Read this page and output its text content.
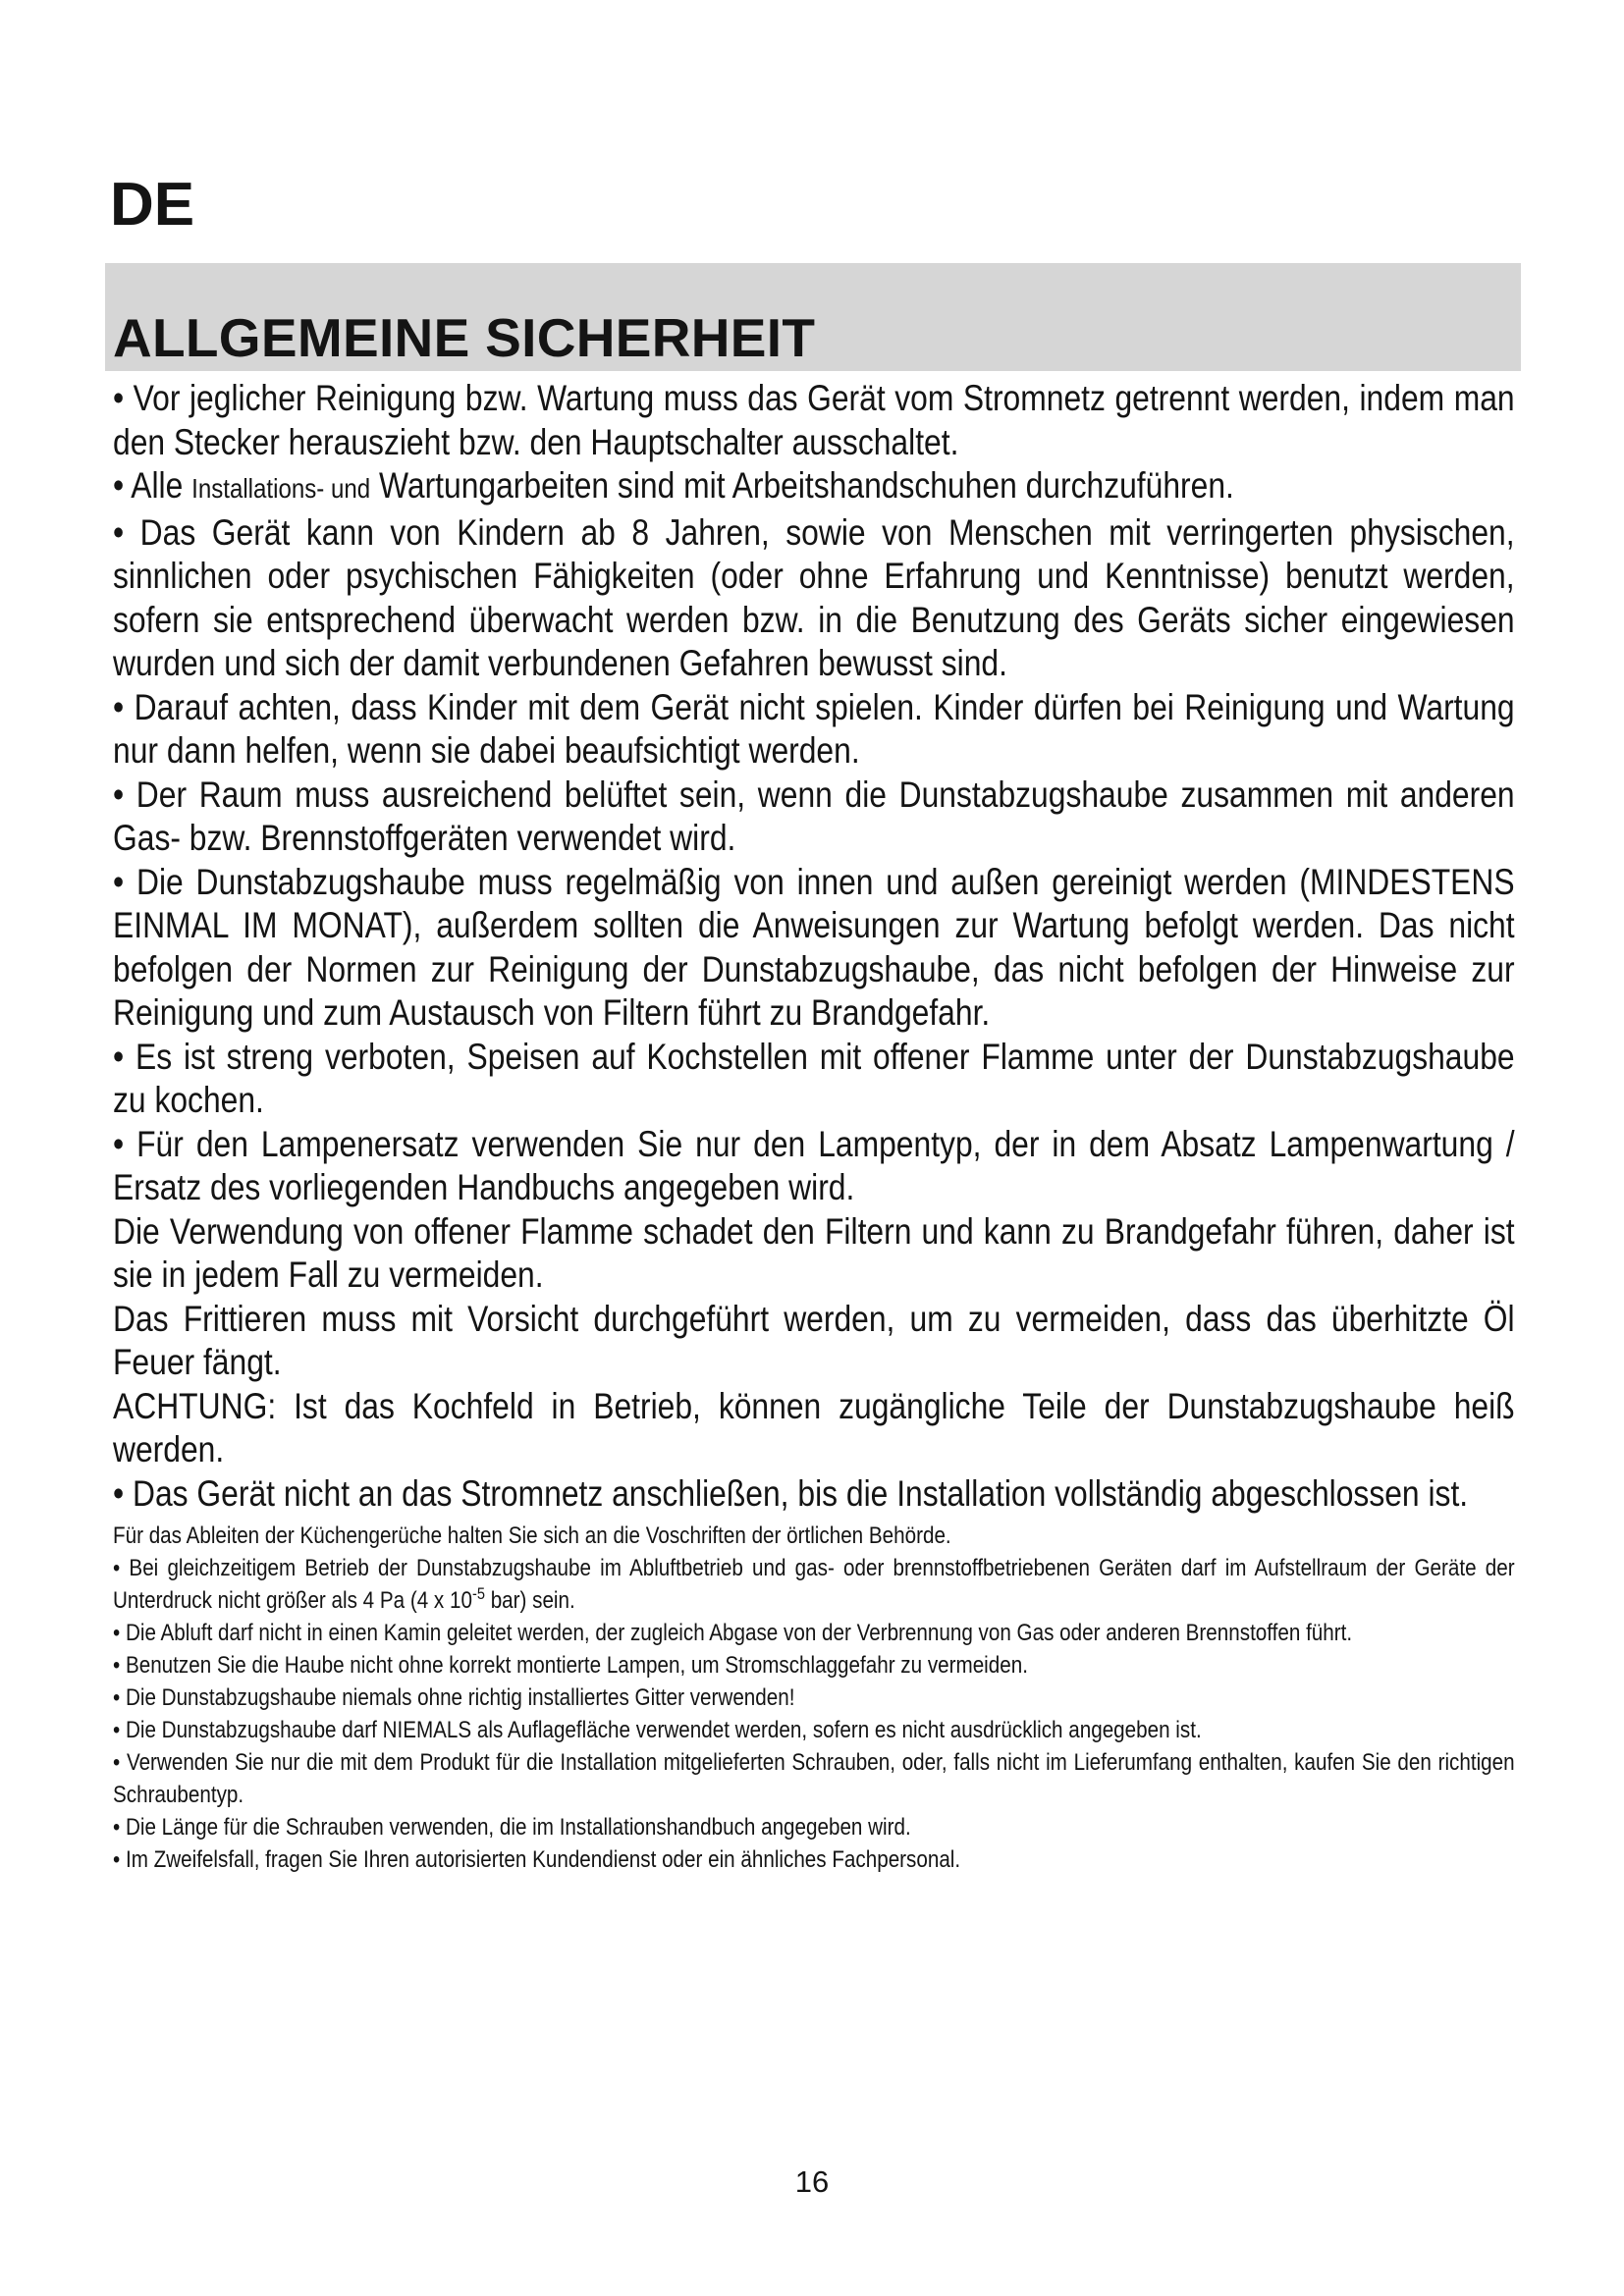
DE
ALLGEMEINE SICHERHEIT

• Vor jeglicher Reinigung bzw. Wartung muss das Gerät vom Stromnetz getrennt werden, indem man den Stecker herauszieht bzw. den Hauptschalter ausschaltet.

• Alle Installations- und Wartungarbeiten sind mit Arbeitshandschuhen durchzuführen.

• Das Gerät kann von Kindern ab 8 Jahren, sowie von Menschen mit verringerten physischen, sinnlichen oder psychischen Fähigkeiten (oder ohne Erfahrung und Kenntnisse) benutzt werden, sofern sie entsprechend überwacht werden bzw. in die Benutzung des Geräts sicher eingewiesen wurden und sich der damit verbundenen Gefahren bewusst sind.

• Darauf achten, dass Kinder mit dem Gerät nicht spielen. Kinder dürfen bei Reinigung und Wartung nur dann helfen, wenn sie dabei beaufsichtigt werden.

• Der Raum muss ausreichend belüftet sein, wenn die Dunstabzugshaube zusammen mit anderen Gas- bzw. Brennstoffgeräten verwendet wird.

• Die Dunstabzugshaube muss regelmäßig von innen und außen gereinigt werden (MINDESTENS EINMAL IM MONAT), außerdem sollten die Anweisungen zur Wartung befolgt werden. Das nicht befolgen der Normen zur Reinigung der Dunstabzugshaube, das nicht befolgen der Hinweise zur Reinigung und zum Austausch von Filtern führt zu Brandgefahr.

• Es ist streng verboten, Speisen auf Kochstellen mit offener Flamme unter der Dunstabzugshaube zu kochen.

• Für den Lampenersatz verwenden Sie nur den Lampentyp, der in dem Absatz Lampenwartung / Ersatz des vorliegenden Handbuchs angegeben wird.

Die Verwendung von offener Flamme schadet den Filtern und kann zu Brandgefahr führen, daher ist sie in jedem Fall zu vermeiden.

Das Frittieren muss mit Vorsicht durchgeführt werden, um zu vermeiden, dass das überhitzte Öl Feuer fängt.

ACHTUNG: Ist das Kochfeld in Betrieb, können zugängliche Teile der Dunstabzugshaube heiß werden.

• Das Gerät nicht an das Stromnetz anschließen, bis die Installation vollständig abgeschlossen ist.

Für das Ableiten der Küchengerüche halten Sie sich an die Voschriften der örtlichen Behörde.

• Bei gleichzeitigem Betrieb der Dunstabzugshaube im Abluftbetrieb und gas- oder brennstoffbetriebenen Geräten darf im Aufstellraum der Geräte der Unterdruck nicht größer als 4 Pa (4 x $10^{-5}$ bar) sein.

• Die Abluft darf nicht in einen Kamin geleitet werden, der zugleich Abgase von der Verbrennung von Gas oder anderen Brennstoffen führt.

• Benutzen Sie die Haube nicht ohne korrekt montierte Lampen, um Stromschlaggefahr zu vermeiden.

• Die Dunstabzugshaube niemals ohne richtig installiertes Gitter verwenden!

• Die Dunstabzugshaube darf NIEMALS als Auflagefläche verwendet werden, sofern es nicht ausdrücklich angegeben ist.

• Verwenden Sie nur die mit dem Produkt für die Installation mitgelieferten Schrauben, oder, falls nicht im Lieferumfang enthalten, kaufen Sie den richtigen Schraubentyp.

• Die Länge für die Schrauben verwenden, die im Installationshandbuch angegeben wird.

• Im Zweifelsfall, fragen Sie Ihren autorisierten Kundendienst oder ein ähnliches Fachpersonal.

16
